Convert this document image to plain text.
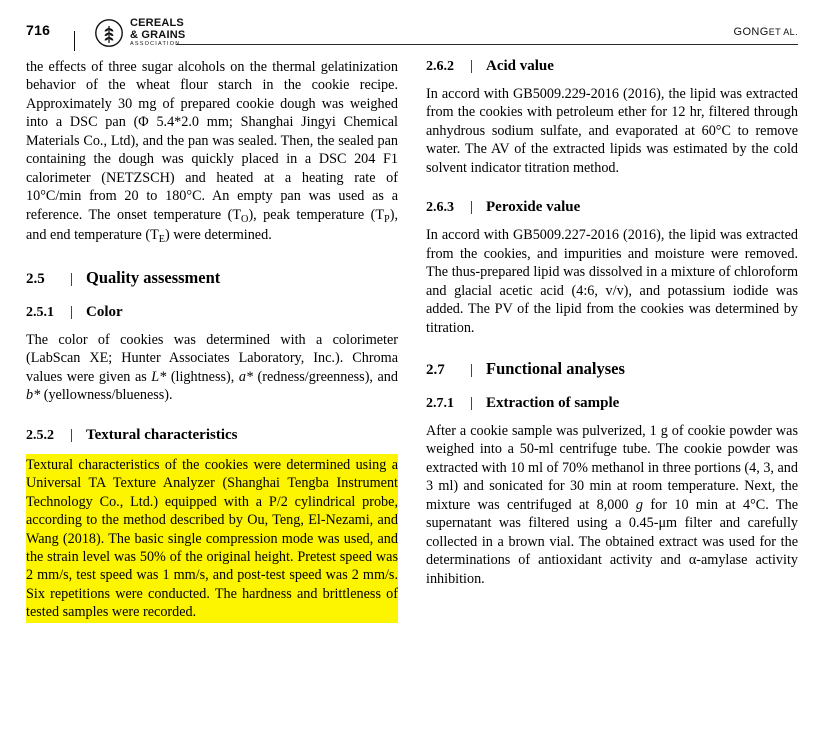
716	CEREALS
& GRAINS
ASSOCIATION
GONGET AL.

the effects of three sugar alcohols on the thermal gelatinization behavior of the wheat flour starch in the cookie recipe. Approximately 30 mg of prepared cookie dough was weighed into a DSC pan (Φ 5.4*2.0 mm; Shanghai Jingyi Chemical Materials Co., Ltd), and the pan was sealed. Then, the sealed pan containing the dough was quickly placed in a DSC 204 F1 calorimeter (NETZSCH) and heated at a heating rate of 10°C/min from 20 to 180°C. An empty pan was used as a reference. The onset temperature $(T_O)$, peak temperature $(T_P)$, and end temperature $(T_E)$ were determined.

2.5	| Quality assessment
2.5.1	| Color

The color of cookies was determined with a colorimeter (LabScan XE; Hunter Associates Laboratory, Inc.). Chroma values were given as L* (lightness), a* (redness/greenness), and b* (yellowness/blueness).

2.5.2	| Textural characteristics

Textural characteristics of the cookies were determined using a Universal TA Texture Analyzer (Shanghai Tengba Instrument Technology Co., Ltd.) equipped with a P/2 cylindrical probe, according to the method described by Ou, Teng, El-Nezami, and Wang (2018). The basic single compression mode was used, and the strain level was 50% of the original height. Pretest speed was 2 mm/s, test speed was 1 mm/s, and post-test speed was 2 mm/s. Six repetitions were conducted. The hardness and brittleness of tested samples were recorded.

2.6.2	| Acid value

In accord with GB5009.229-2016 (2016), the lipid was extracted from the cookies with petroleum ether for 12 hr, filtered through anhydrous sodium sulfate, and evaporated at 60°C to remove water. The AV of the extracted lipids was estimated by the cold solvent indicator titration method.

2.6.3	| Peroxide value

In accord with GB5009.227-2016 (2016), the lipid was extracted from the cookies, and impurities and moisture were removed. The thus-prepared lipid was dissolved in a mixture of chloroform and glacial acetic acid (4:6, v/v), and potassium iodide was added. The PV of the lipid from the cookies was determined by titration.

2.7	| Functional analyses
2.7.1	| Extraction of sample

After a cookie sample was pulverized, 1 g of cookie powder was weighed into a 50-ml centrifuge tube. The cookie powder was extracted with 10 ml of 70% methanol in three portions (4, 3, and 3 ml) and sonicated for 30 min at room temperature. Next, the mixture was centrifuged at 8,000 g for 10 min at 4°C. The supernatant was filtered using a 0.45-μm filter and carefully collected in a brown vial. The obtained extract was used for the determinations of antioxidant activity and α-amylase activity inhibition.
